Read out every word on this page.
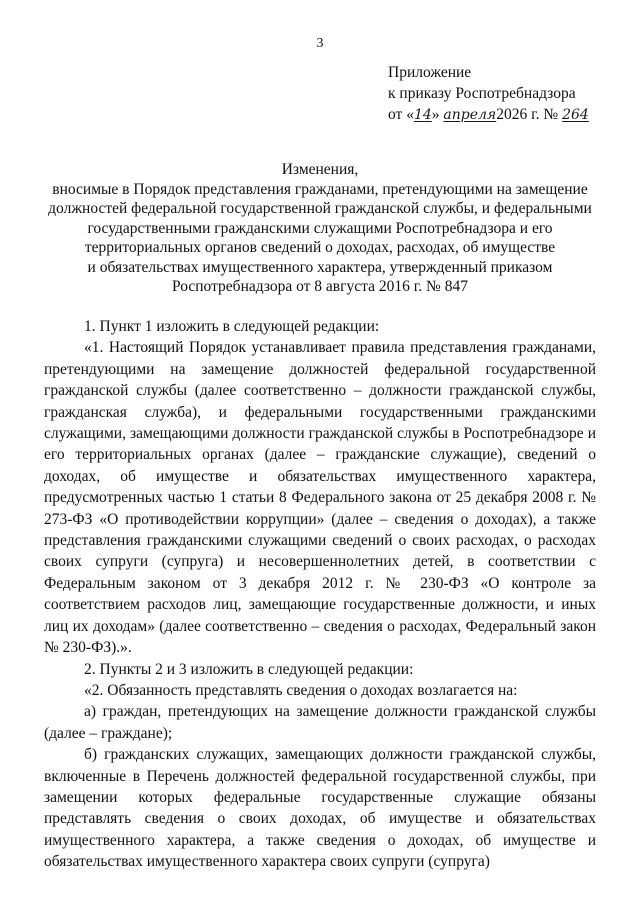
3
Приложение
к приказу Роспотребнадзора
от «14» апреля2026 г. № 264
Изменения,
вносимые в Порядок представления гражданами, претендующими на замещение
должностей федеральной государственной гражданской службы, и федеральными
государственными гражданскими служащими Роспотребнадзора и его
территориальных органов сведений о доходах, расходах, об имуществе
и обязательствах имущественного характера, утвержденный приказом
Роспотребнадзора от 8 августа 2016 г. № 847

1. Пункт 1 изложить в следующей редакции:

«1. Настоящий Порядок устанавливает правила представления гражданами, претендующими на замещение должностей федеральной государственной гражданской службы (далее соответственно – должности гражданской службы, гражданская служба), и федеральными государственными гражданскими служащими, замещающими должности гражданской службы в Роспотребнадзоре и его территориальных органах (далее – гражданские служащие), сведений о доходах, об имуществе и обязательствах имущественного характера, предусмотренных частью 1 статьи 8 Федерального закона от 25 декабря 2008 г. № 273-ФЗ «О противодействии коррупции» (далее – сведения о доходах), а также представления гражданскими служащими сведений о своих расходах, о расходах своих супруги (супруга) и несовершеннолетних детей, в соответствии с Федеральным законом от 3 декабря 2012 г. № 230-ФЗ «О контроле за соответствием расходов лиц, замещающие государственные должности, и иных лиц их доходам» (далее соответственно – сведения о расходах, Федеральный закон № 230-ФЗ).».

2. Пункты 2 и 3 изложить в следующей редакции:

«2. Обязанность представлять сведения о доходах возлагается на:

а) граждан, претендующих на замещение должности гражданской службы (далее – граждане);

б) гражданских служащих, замещающих должности гражданской службы, включенные в Перечень должностей федеральной государственной службы, при замещении которых федеральные государственные служащие обязаны представлять сведения о своих доходах, об имуществе и обязательствах имущественного характера, а также сведения о доходах, об имуществе и обязательствах имущественного характера своих супруги (супруга)
